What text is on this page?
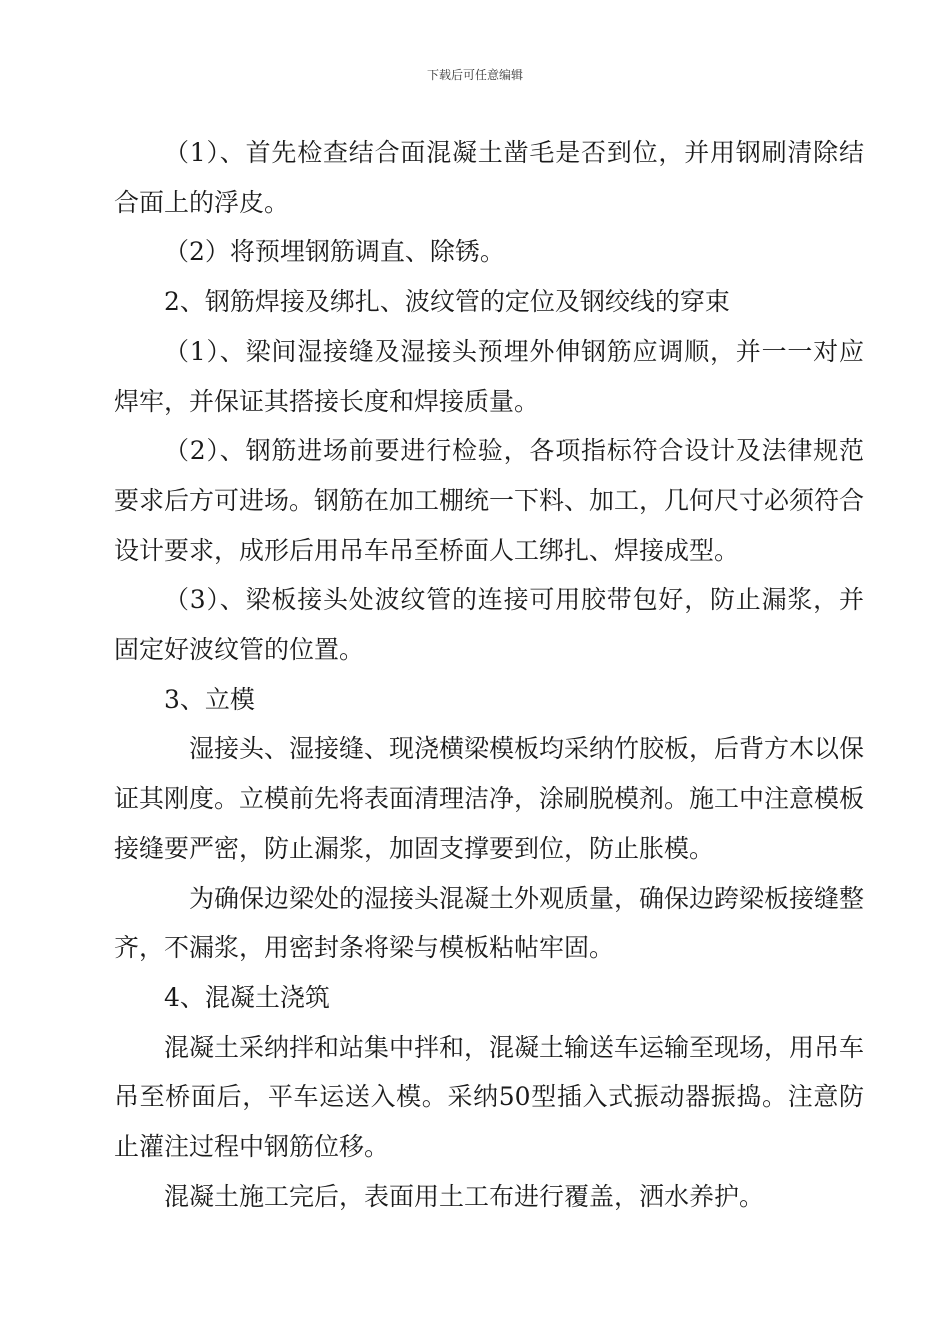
下载后可任意编辑

（1）、首先检查结合面混凝土凿毛是否到位，并用钢刷清除结合面上的浮皮。

（2）将预埋钢筋调直、除锈。

2、钢筋焊接及绑扎、波纹管的定位及钢绞线的穿束

（1）、梁间湿接缝及湿接头预埋外伸钢筋应调顺，并一一对应焊牢，并保证其搭接长度和焊接质量。

（2）、钢筋进场前要进行检验，各项指标符合设计及法律规范要求后方可进场。钢筋在加工棚统一下料、加工，几何尺寸必须符合设计要求，成形后用吊车吊至桥面人工绑扎、焊接成型。

（3）、梁板接头处波纹管的连接可用胶带包好，防止漏浆，并固定好波纹管的位置。

3、立模

湿接头、湿接缝、现浇横梁模板均采纳竹胶板，后背方木以保证其刚度。立模前先将表面清理洁净，涂刷脱模剂。施工中注意模板接缝要严密，防止漏浆，加固支撑要到位，防止胀模。

为确保边梁处的湿接头混凝土外观质量，确保边跨梁板接缝整齐，不漏浆，用密封条将梁与模板粘帖牢固。

4、混凝土浇筑

混凝土采纳拌和站集中拌和，混凝土输送车运输至现场，用吊车吊至桥面后，平车运送入模。采纳50型插入式振动器振捣。注意防止灌注过程中钢筋位移。

混凝土施工完后，表面用土工布进行覆盖，洒水养护。
